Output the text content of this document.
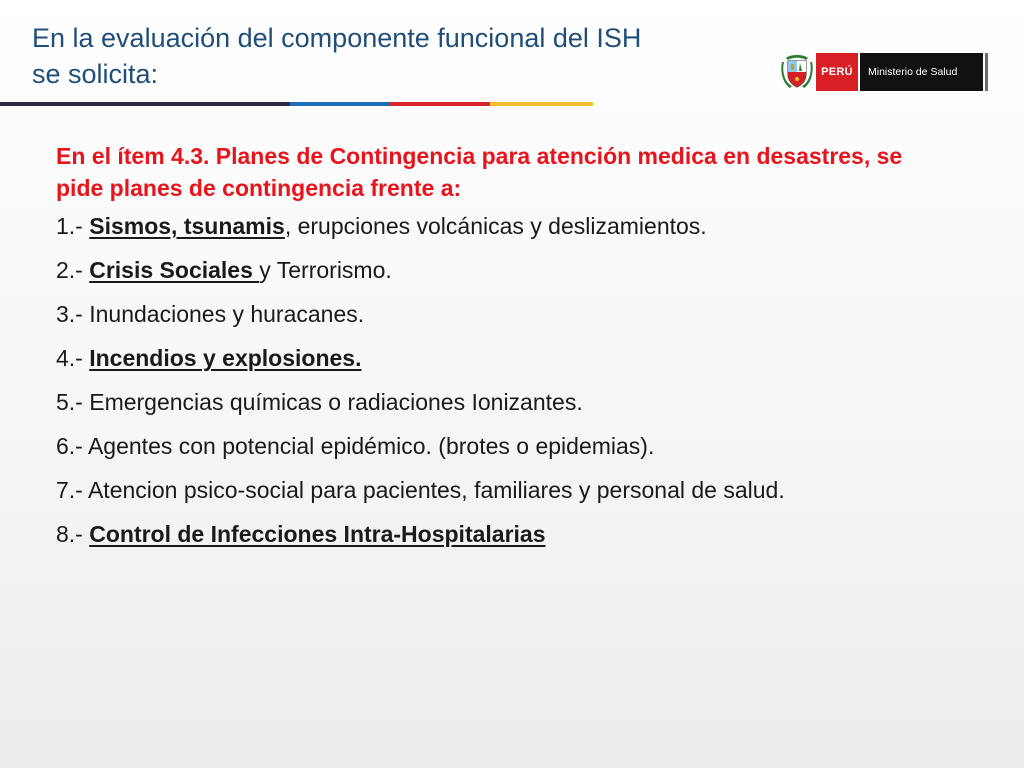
En la evaluación del componente funcional del ISH
se solicita:	PERÚ	Ministerio de Salud

En el ítem 4.3. Planes de Contingencia para atención medica en desastres, se pide planes de contingencia frente a:

1.- Sismos, tsunamis, erupciones volcánicas y deslizamientos.

2.- Crisis Sociales y Terrorismo.

3.- Inundaciones y huracanes.

4.- Incendios y explosiones.

5.- Emergencias químicas o radiaciones Ionizantes.

6.- Agentes con potencial epidémico. (brotes o epidemias).

7.- Atencion psico-social para pacientes, familiares y personal de salud.

8.- Control de Infecciones Intra-Hospitalarias
